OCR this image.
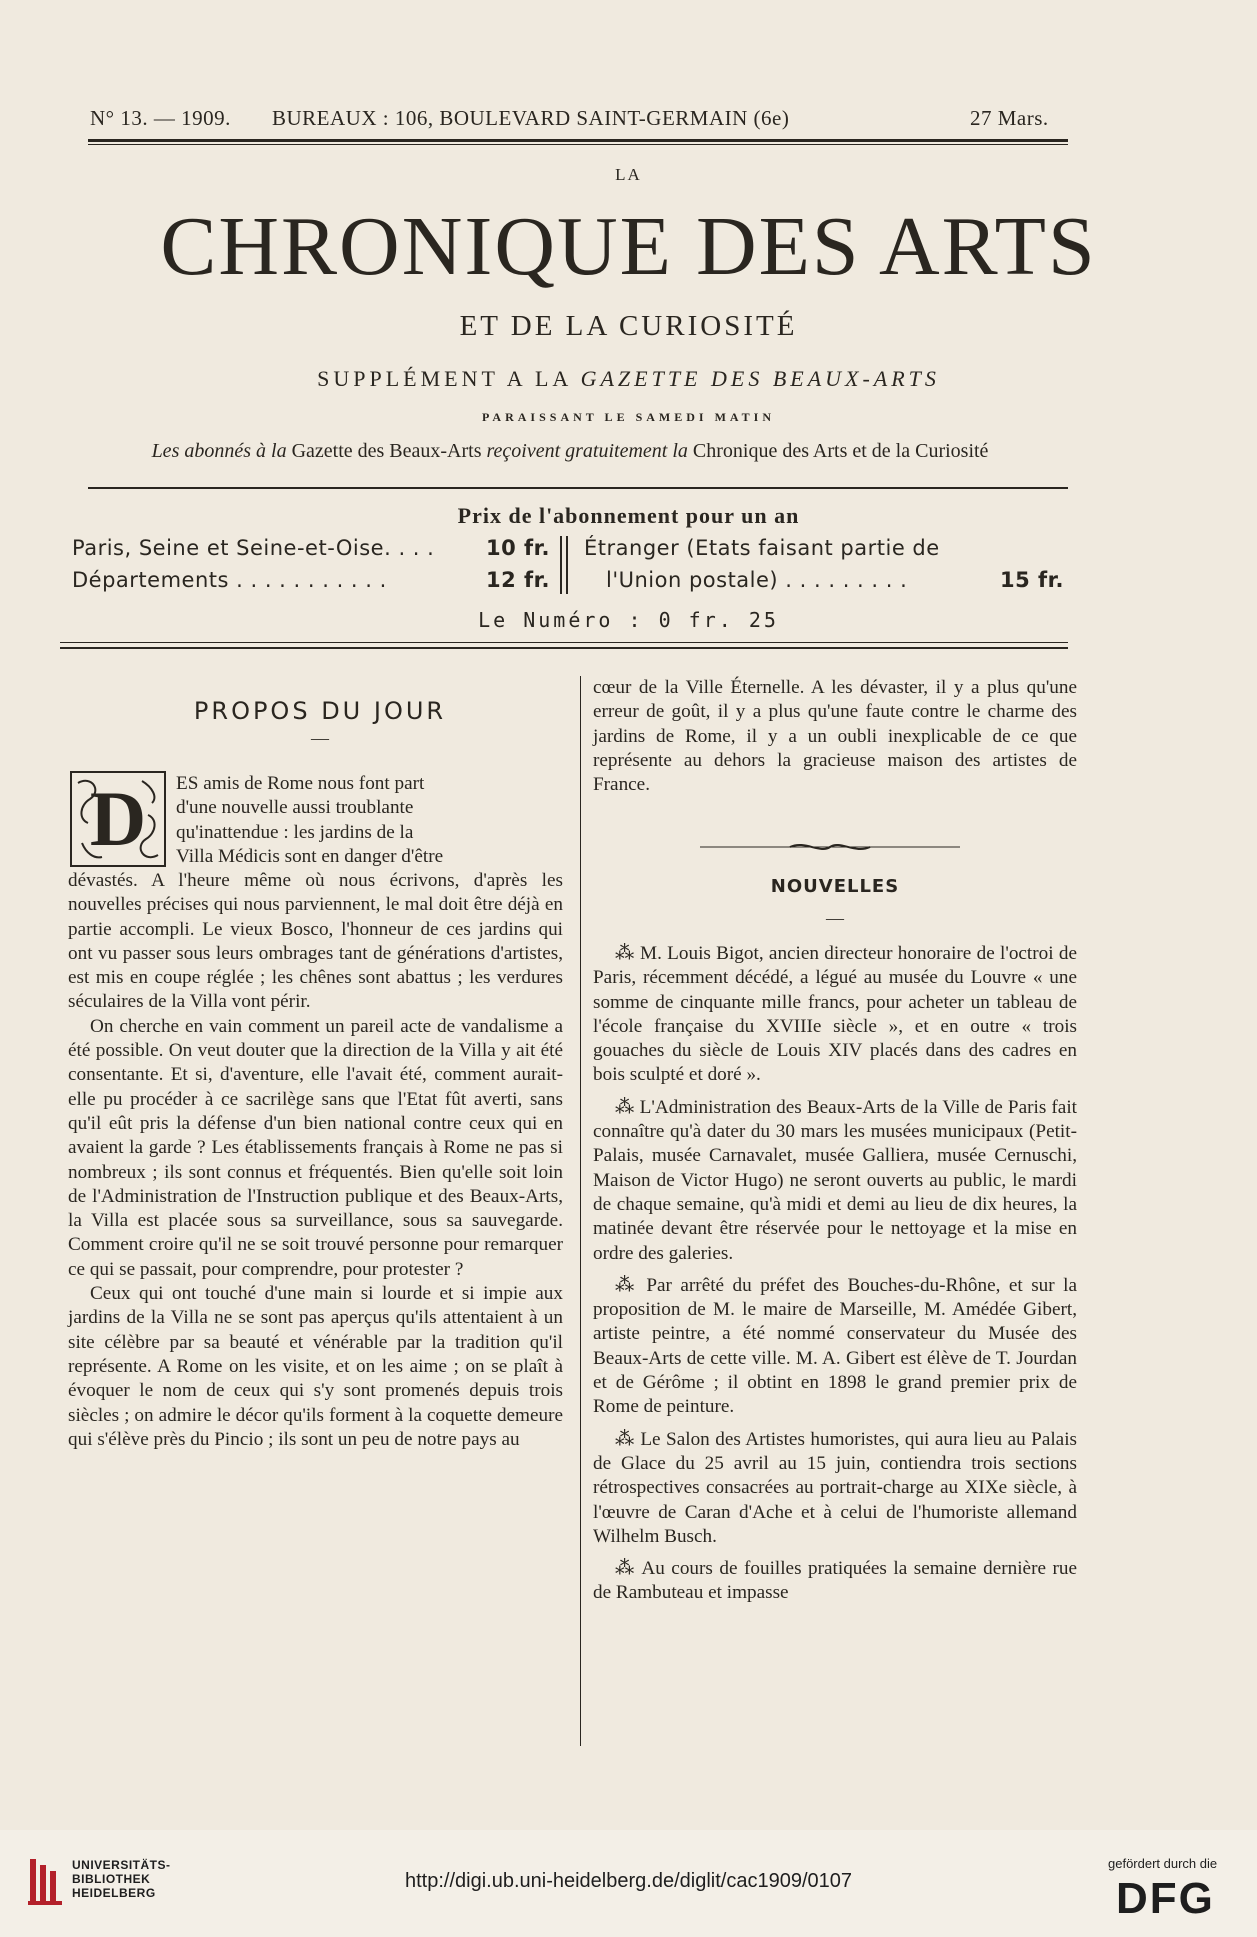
N° 13. — 1909. BUREAUX : 106, BOULEVARD SAINT-GERMAIN (6e)	27 Mars.
LA
CHRONIQUE DES ARTS
ET DE LA CURIOSITÉ
SUPPLÉMENT A LA GAZETTE DES BEAUX-ARTS
PARAISSANT LE SAMEDI MATIN
Les abonnés à la Gazette des Beaux-Arts reçoivent gratuitement la Chronique des Arts et de la Curiosité
Prix de l'abonnement pour un an
Paris, Seine et Seine-et-Oise. . . . 10 fr.
Départements . . . . . . . . . . .	12 fr.
Étranger (Etats faisant partie de
l'Union postale) . . . . . . . . .	15 fr.
Le Numéro : 0 fr. 25
PROPOS DU JOUR
—
D	ES amis de Rome nous font part

d'une nouvelle aussi troublante

qu'inattendue : les jardins de la

Villa Médicis sont en danger d'être

dévastés. A l'heure même où nous écrivons, d'après les nouvelles précises qui nous parviennent, le mal doit être déjà en partie accompli. Le vieux Bosco, l'honneur de ces jardins qui ont vu passer sous leurs ombrages tant de générations d'artistes, est mis en coupe réglée ; les chênes sont abattus ; les verdures séculaires de la Villa vont périr.

On cherche en vain comment un pareil acte de vandalisme a été possible. On veut douter que la direction de la Villa y ait été consentante. Et si, d'aventure, elle l'avait été, comment aurait-elle pu procéder à ce sacrilège sans que l'Etat fût averti, sans qu'il eût pris la défense d'un bien national contre ceux qui en avaient la garde ? Les établissements français à Rome ne pas si nombreux ; ils sont connus et fréquentés. Bien qu'elle soit loin de l'Administration de l'Instruction publique et des Beaux-Arts, la Villa est placée sous sa surveillance, sous sa sauvegarde. Comment croire qu'il ne se soit trouvé personne pour remarquer ce qui se passait, pour comprendre, pour protester ?

Ceux qui ont touché d'une main si lourde et si impie aux jardins de la Villa ne se sont pas aperçus qu'ils attentaient à un site célèbre par sa beauté et vénérable par la tradition qu'il représente. A Rome on les visite, et on les aime ; on se plaît à évoquer le nom de ceux qui s'y sont promenés depuis trois siècles ; on admire le décor qu'ils forment à la coquette demeure qui s'élève près du Pincio ; ils sont un peu de notre pays au

cœur de la Ville Éternelle. A les dévaster, il y a plus qu'une erreur de goût, il y a plus qu'une faute contre le charme des jardins de Rome, il y a un oubli inexplicable de ce que représente au dehors la gracieuse maison des artistes de France.

NOUVELLES
—

⁂ M. Louis Bigot, ancien directeur honoraire de l'octroi de Paris, récemment décédé, a légué au musée du Louvre « une somme de cinquante mille francs, pour acheter un tableau de l'école française du XVIIIe siècle », et en outre « trois gouaches du siècle de Louis XIV placés dans des cadres en bois sculpté et doré ».

⁂ L'Administration des Beaux-Arts de la Ville de Paris fait connaître qu'à dater du 30 mars les musées municipaux (Petit-Palais, musée Carnavalet, musée Galliera, musée Cernuschi, Maison de Victor Hugo) ne seront ouverts au public, le mardi de chaque semaine, qu'à midi et demi au lieu de dix heures, la matinée devant être réservée pour le nettoyage et la mise en ordre des galeries.

⁂ Par arrêté du préfet des Bouches-du-Rhône, et sur la proposition de M. le maire de Marseille, M. Amédée Gibert, artiste peintre, a été nommé conservateur du Musée des Beaux-Arts de cette ville. M. A. Gibert est élève de T. Jourdan et de Gérôme ; il obtint en 1898 le grand premier prix de Rome de peinture.

⁂ Le Salon des Artistes humoristes, qui aura lieu au Palais de Glace du 25 avril au 15 juin, contiendra trois sections rétrospectives consacrées au portrait-charge au XIXe siècle, à l'œuvre de Caran d'Ache et à celui de l'humoriste allemand Wilhelm Busch.

⁂ Au cours de fouilles pratiquées la semaine dernière rue de Rambuteau et impasse

UNIVERSITÄTS-
BIBLIOTHEK
HEIDELBERG
http://digi.ub.uni-heidelberg.de/diglit/cac1909/0107
gefördert durch die
DFG
